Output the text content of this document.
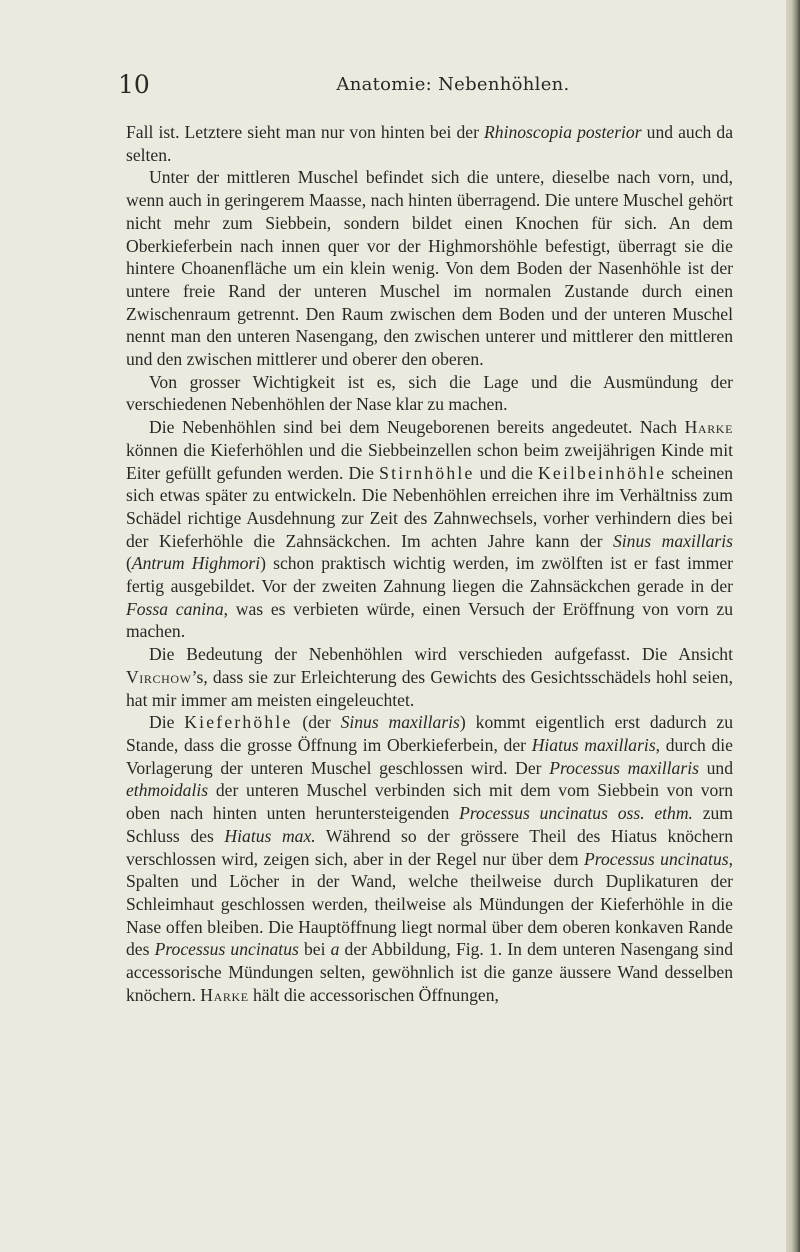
10	Anatomie: Nebenhöhlen.

Fall ist. Letztere sieht man nur von hinten bei der Rhinoscopia posterior und auch da selten.

Unter der mittleren Muschel befindet sich die untere, dieselbe nach vorn, und, wenn auch in geringerem Maasse, nach hinten überragend. Die untere Muschel gehört nicht mehr zum Siebbein, sondern bildet einen Knochen für sich. An dem Oberkieferbein nach innen quer vor der Highmorshöhle befestigt, überragt sie die hintere Choanenfläche um ein klein wenig. Von dem Boden der Nasenhöhle ist der untere freie Rand der unteren Muschel im normalen Zustande durch einen Zwischenraum getrennt. Den Raum zwischen dem Boden und der unteren Muschel nennt man den unteren Nasengang, den zwischen unterer und mittlerer den mittleren und den zwischen mittlerer und oberer den oberen.

Von grosser Wichtigkeit ist es, sich die Lage und die Ausmündung der verschiedenen Nebenhöhlen der Nase klar zu machen.

Die Nebenhöhlen sind bei dem Neugeborenen bereits angedeutet. Nach Harke können die Kieferhöhlen und die Siebbeinzellen schon beim zweijährigen Kinde mit Eiter gefüllt gefunden werden. Die Stirnhöhle und die Keilbeinhöhle scheinen sich etwas später zu entwickeln. Die Nebenhöhlen erreichen ihre im Verhältniss zum Schädel richtige Ausdehnung zur Zeit des Zahnwechsels, vorher verhindern dies bei der Kieferhöhle die Zahnsäckchen. Im achten Jahre kann der Sinus maxillaris (Antrum Highmori) schon praktisch wichtig werden, im zwölften ist er fast immer fertig ausgebildet. Vor der zweiten Zahnung liegen die Zahnsäckchen gerade in der Fossa canina, was es verbieten würde, einen Versuch der Eröffnung von vorn zu machen.

Die Bedeutung der Nebenhöhlen wird verschieden aufgefasst. Die Ansicht Virchow’s, dass sie zur Erleichterung des Gewichts des Gesichtsschädels hohl seien, hat mir immer am meisten eingeleuchtet.

Die Kieferhöhle (der Sinus maxillaris) kommt eigentlich erst dadurch zu Stande, dass die grosse Öffnung im Oberkieferbein, der Hiatus maxillaris, durch die Vorlagerung der unteren Muschel geschlossen wird. Der Processus maxillaris und ethmoidalis der unteren Muschel verbinden sich mit dem vom Siebbein von vorn oben nach hinten unten heruntersteigenden Processus uncinatus oss. ethm. zum Schluss des Hiatus max. Während so der grössere Theil des Hiatus knöchern verschlossen wird, zeigen sich, aber in der Regel nur über dem Processus uncinatus, Spalten und Löcher in der Wand, welche theilweise durch Duplikaturen der Schleimhaut geschlossen werden, theilweise als Mündungen der Kieferhöhle in die Nase offen bleiben. Die Hauptöffnung liegt normal über dem oberen konkaven Rande des Processus uncinatus bei a der Abbildung, Fig. 1. In dem unteren Nasengang sind accessorische Mündungen selten, gewöhnlich ist die ganze äussere Wand desselben knöchern. Harke hält die accessorischen Öffnungen,
